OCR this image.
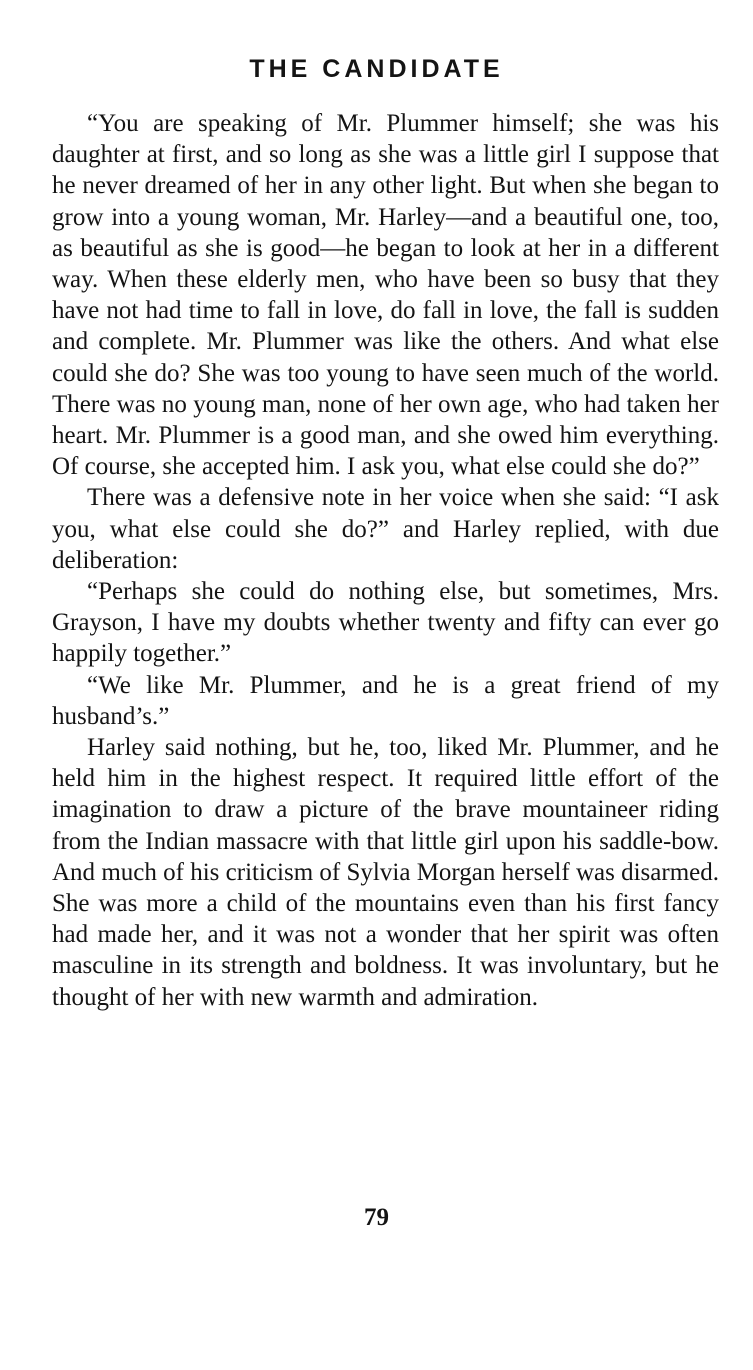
THE CANDIDATE

“You are speaking of Mr. Plummer himself; she was his daughter at first, and so long as she was a little girl I suppose that he never dreamed of her in any other light. But when she began to grow into a young woman, Mr. Harley—and a beautiful one, too, as beautiful as she is good—he began to look at her in a different way. When these elderly men, who have been so busy that they have not had time to fall in love, do fall in love, the fall is sudden and complete. Mr. Plummer was like the others. And what else could she do? She was too young to have seen much of the world. There was no young man, none of her own age, who had taken her heart. Mr. Plummer is a good man, and she owed him everything. Of course, she accepted him. I ask you, what else could she do?”

There was a defensive note in her voice when she said: “I ask you, what else could she do?” and Harley replied, with due deliberation:

“Perhaps she could do nothing else, but sometimes, Mrs. Grayson, I have my doubts whether twenty and fifty can ever go happily together.”

“We like Mr. Plummer, and he is a great friend of my husband’s.”

Harley said nothing, but he, too, liked Mr. Plummer, and he held him in the highest respect. It required little effort of the imagination to draw a picture of the brave mountaineer riding from the Indian massacre with that little girl upon his saddle-bow. And much of his criticism of Sylvia Morgan herself was disarmed. She was more a child of the mountains even than his first fancy had made her, and it was not a wonder that her spirit was often masculine in its strength and boldness. It was involuntary, but he thought of her with new warmth and admiration.

79
